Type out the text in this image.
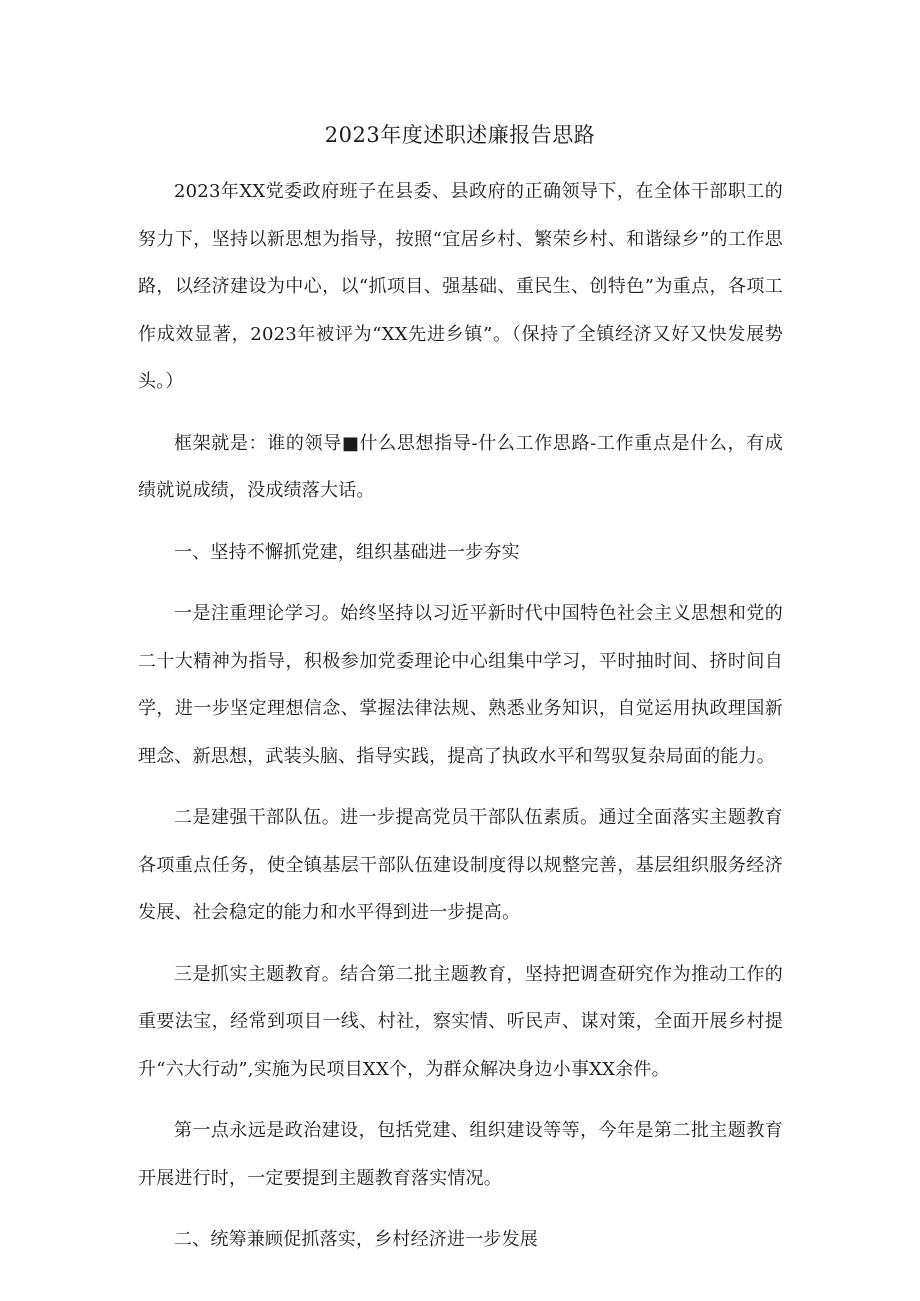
2023年度述职述廉报告思路

2023年XX党委政府班子在县委、县政府的正确领导下，在全体干部职工的努力下，坚持以新思想为指导，按照“宜居乡村、繁荣乡村、和谐绿乡”的工作思路，以经济建设为中心，以“抓项目、强基础、重民生、创特色”为重点，各项工作成效显著，2023年被评为“XX先进乡镇”。（保持了全镇经济又好又快发展势头。）

框架就是：谁的领导■什么思想指导-什么工作思路-工作重点是什么，有成绩就说成绩，没成绩落大话。

一、坚持不懈抓党建，组织基础进一步夯实

一是注重理论学习。始终坚持以习近平新时代中国特色社会主义思想和党的二十大精神为指导，积极参加党委理论中心组集中学习，平时抽时间、挤时间自学，进一步坚定理想信念、掌握法律法规、熟悉业务知识，自觉运用执政理国新理念、新思想，武装头脑、指导实践，提高了执政水平和驾驭复杂局面的能力。

二是建强干部队伍。进一步提高党员干部队伍素质。通过全面落实主题教育各项重点任务，使全镇基层干部队伍建设制度得以规整完善，基层组织服务经济发展、社会稳定的能力和水平得到进一步提高。

三是抓实主题教育。结合第二批主题教育，坚持把调查研究作为推动工作的重要法宝，经常到项目一线、村社，察实情、听民声、谋对策，全面开展乡村提升“六大行动”,实施为民项目XX个，为群众解决身边小事XX余件。

第一点永远是政治建设，包括党建、组织建设等等，今年是第二批主题教育开展进行时，一定要提到主题教育落实情况。

二、统筹兼顾促抓落实，乡村经济进一步发展
